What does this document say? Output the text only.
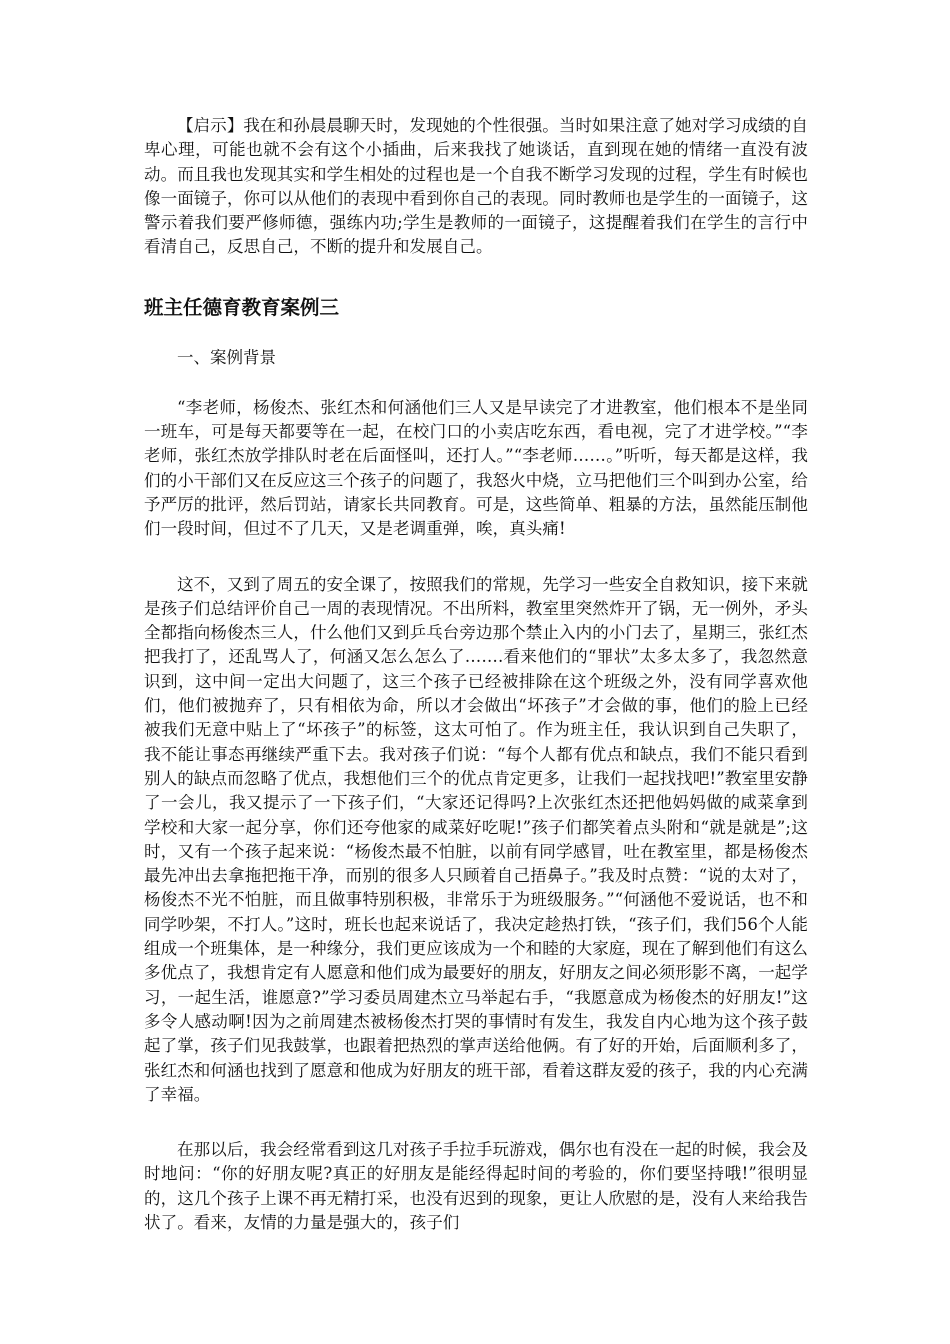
【启示】我在和孙晨晨聊天时，发现她的个性很强。当时如果注意了她对学习成绩的自卑心理，可能也就不会有这个小插曲，后来我找了她谈话，直到现在她的情绪一直没有波动。而且我也发现其实和学生相处的过程也是一个自我不断学习发现的过程，学生有时候也像一面镜子，你可以从他们的表现中看到你自己的表现。同时教师也是学生的一面镜子，这警示着我们要严修师德，强练内功;学生是教师的一面镜子，这提醒着我们在学生的言行中看清自己，反思自己，不断的提升和发展自己。

班主任德育教育案例三

一、案例背景

“李老师，杨俊杰、张红杰和何涵他们三人又是早读完了才进教室，他们根本不是坐同一班车，可是每天都要等在一起，在校门口的小卖店吃东西，看电视，完了才进学校。”“李老师，张红杰放学排队时老在后面怪叫，还打人。”“李老师……。”听听，每天都是这样，我们的小干部们又在反应这三个孩子的问题了，我怒火中烧，立马把他们三个叫到办公室，给予严厉的批评，然后罚站，请家长共同教育。可是，这些简单、粗暴的方法，虽然能压制他们一段时间，但过不了几天，又是老调重弹，唉，真头痛!

这不，又到了周五的安全课了，按照我们的常规，先学习一些安全自救知识，接下来就是孩子们总结评价自己一周的表现情况。不出所料，教室里突然炸开了锅，无一例外，矛头全都指向杨俊杰三人，什么他们又到乒乓台旁边那个禁止入内的小门去了，星期三，张红杰把我打了，还乱骂人了，何涵又怎么怎么了…….看来他们的“罪状”太多太多了，我忽然意识到，这中间一定出大问题了，这三个孩子已经被排除在这个班级之外，没有同学喜欢他们，他们被抛弃了，只有相依为命，所以才会做出“坏孩子”才会做的事，他们的脸上已经被我们无意中贴上了“坏孩子”的标签，这太可怕了。作为班主任，我认识到自己失职了，我不能让事态再继续严重下去。我对孩子们说：“每个人都有优点和缺点，我们不能只看到别人的缺点而忽略了优点，我想他们三个的优点肯定更多，让我们一起找找吧!”教室里安静了一会儿，我又提示了一下孩子们，“大家还记得吗?上次张红杰还把他妈妈做的咸菜拿到学校和大家一起分享，你们还夸他家的咸菜好吃呢!”孩子们都笑着点头附和“就是就是”;这时，又有一个孩子起来说：“杨俊杰最不怕脏，以前有同学感冒，吐在教室里，都是杨俊杰最先冲出去拿拖把拖干净，而别的很多人只顾着自己捂鼻子。”我及时点赞：“说的太对了，杨俊杰不光不怕脏，而且做事特别积极，非常乐于为班级服务。”“何涵他不爱说话，也不和同学吵架，不打人。”这时，班长也起来说话了，我决定趁热打铁，“孩子们，我们56个人能组成一个班集体，是一种缘分，我们更应该成为一个和睦的大家庭，现在了解到他们有这么多优点了，我想肯定有人愿意和他们成为最要好的朋友，好朋友之间必须形影不离，一起学习，一起生活，谁愿意?”学习委员周建杰立马举起右手，“我愿意成为杨俊杰的好朋友!”这多令人感动啊!因为之前周建杰被杨俊杰打哭的事情时有发生，我发自内心地为这个孩子鼓起了掌，孩子们见我鼓掌，也跟着把热烈的掌声送给他俩。有了好的开始，后面顺利多了，张红杰和何涵也找到了愿意和他成为好朋友的班干部，看着这群友爱的孩子，我的内心充满了幸福。

在那以后，我会经常看到这几对孩子手拉手玩游戏，偶尔也有没在一起的时候，我会及时地问：“你的好朋友呢?真正的好朋友是能经得起时间的考验的，你们要坚持哦!”很明显的，这几个孩子上课不再无精打采，也没有迟到的现象，更让人欣慰的是，没有人来给我告状了。看来，友情的力量是强大的，孩子们
